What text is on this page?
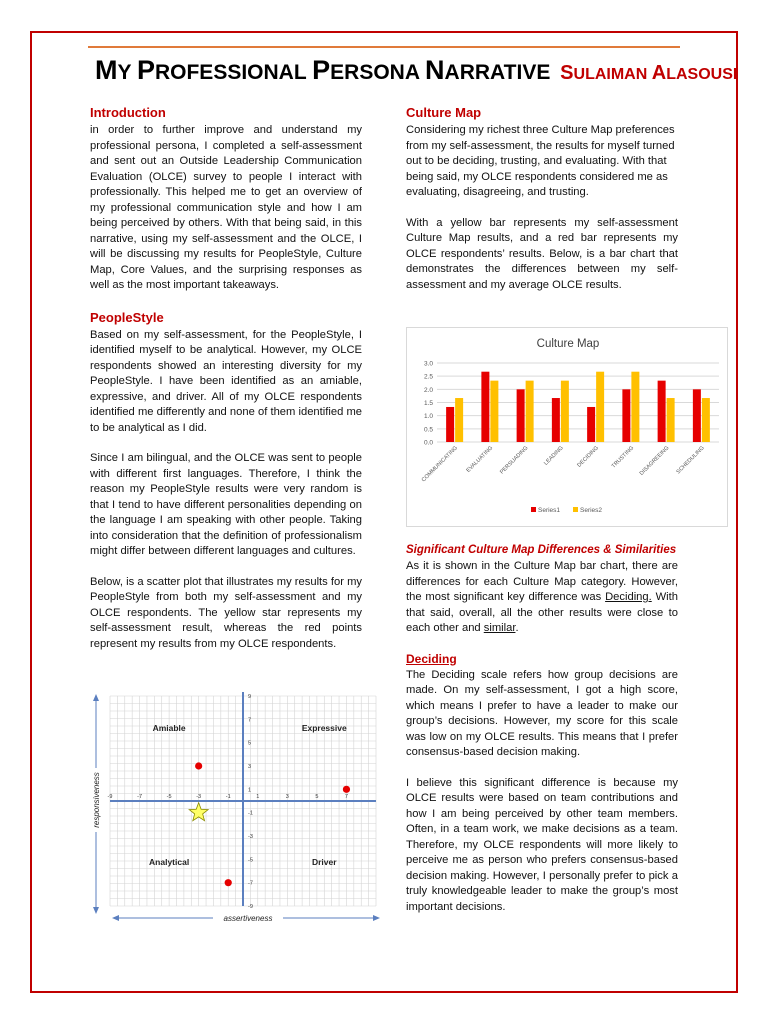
MY PROFESSIONAL PERSONA NARRATIVE SULAIMAN ALASOUSI
Introduction
in order to further improve and understand my professional persona, I completed a self-assessment and sent out an Outside Leadership Communication Evaluation (OLCE) survey to people I interact with professionally. This helped me to get an overview of my professional communication style and how I am being perceived by others. With that being said, in this narrative, using my self-assessment and the OLCE, I will be discussing my results for PeopleStyle, Culture Map, Core Values, and the surprising responses as well as the most important takeaways.
PeopleStyle
Based on my self-assessment, for the PeopleStyle, I identified myself to be analytical. However, my OLCE respondents showed an interesting diversity for my PeopleStyle. I have been identified as an amiable, expressive, and driver. All of my OLCE respondents identified me differently and none of them identified me to be analytical as I did.
Since I am bilingual, and the OLCE was sent to people with different first languages. Therefore, I think the reason my PeopleStyle results were very random is that I tend to have different personalities depending on the language I am speaking with other people. Taking into consideration that the definition of professionalism might differ between different languages and cultures.
Below, is a scatter plot that illustrates my results for my PeopleStyle from both my self-assessment and my OLCE respondents. The yellow star represents my self-assessment result, whereas the red points represent my results from my OLCE respondents.
Culture Map
Considering my richest three Culture Map preferences from my self-assessment, the results for myself turned out to be deciding, trusting, and evaluating. With that being said, my OLCE respondents considered me as evaluating, disagreeing, and trusting.
With a yellow bar represents my self-assessment Culture Map results, and a red bar represents my OLCE respondents’ results. Below, is a bar chart that demonstrates the differences between my self-assessment and my average OLCE results.
Culture Map
3.0
2.5
2.0
1.5
1.0
0.5
0.0
COMMUNICATING EVALUATING PERSUADING LEADING DECIDING TRUSTING DISAGREEING SCHEDULING
Series1	Series2
Significant Culture Map Differences & Similarities
As it is shown in the Culture Map bar chart, there are differences for each Culture Map category. However, the most significant key difference was Deciding. With that said, overall, all the other results were close to each other and similar.
Deciding
The Deciding scale refers how group decisions are made. On my self-assessment, I got a high score, which means I prefer to have a leader to make our group’s decisions. However, my score for this scale was low on my OLCE results. This means that I prefer consensus-based decision making.
I believe this significant difference is because my OLCE results were based on team contributions and how I am being perceived by other team members. Often, in a team work, we make decisions as a team. Therefore, my OLCE respondents will more likely to perceive me as person who prefers consensus-based decision making. However, I personally prefer to pick a truly knowledgeable leader to make the group’s most important decisions.
-9	-7	-5	-3	-1	1	3	5	7
9
7
5
3
1
-1
-3
-5
-7
-9
Amiable	Expressive
Analytical	Driver
responsiveness
assertiveness
